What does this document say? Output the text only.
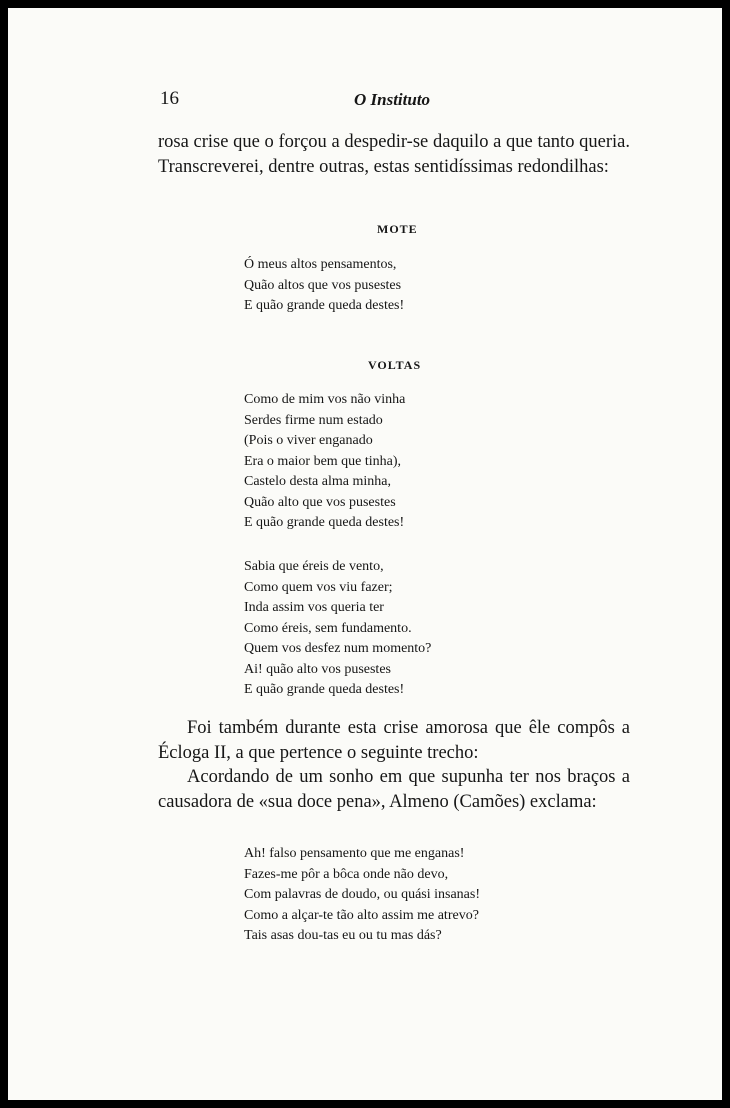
16	O Instituto

rosa crise que o forçou a despedir-se daquilo a que tanto queria. Transcreverei, dentre outras, estas sentidíssimas redondilhas:

MOTE
Ó meus altos pensamentos,
Quão altos que vos pusestes
E quão grande queda destes!
VOLTAS
Como de mim vos não vinha
Serdes firme num estado
(Pois o viver enganado
Era o maior bem que tinha),
Castelo desta alma minha,
Quão alto que vos pusestes
E quão grande queda destes!
Sabia que éreis de vento,
Como quem vos viu fazer;
Inda assim vos queria ter
Como éreis, sem fundamento.
Quem vos desfez num momento?
Ai! quão alto vos pusestes
E quão grande queda destes!

Foi também durante esta crise amorosa que êle compôs a Écloga II, a que pertence o seguinte trecho:

Acordando de um sonho em que supunha ter nos braços a causadora de «sua doce pena», Almeno (Camões) exclama:

Ah! falso pensamento que me enganas!
Fazes-me pôr a bôca onde não devo,
Com palavras de doudo, ou quási insanas!
Como a alçar-te tão alto assim me atrevo?
Tais asas dou-tas eu ou tu mas dás?
